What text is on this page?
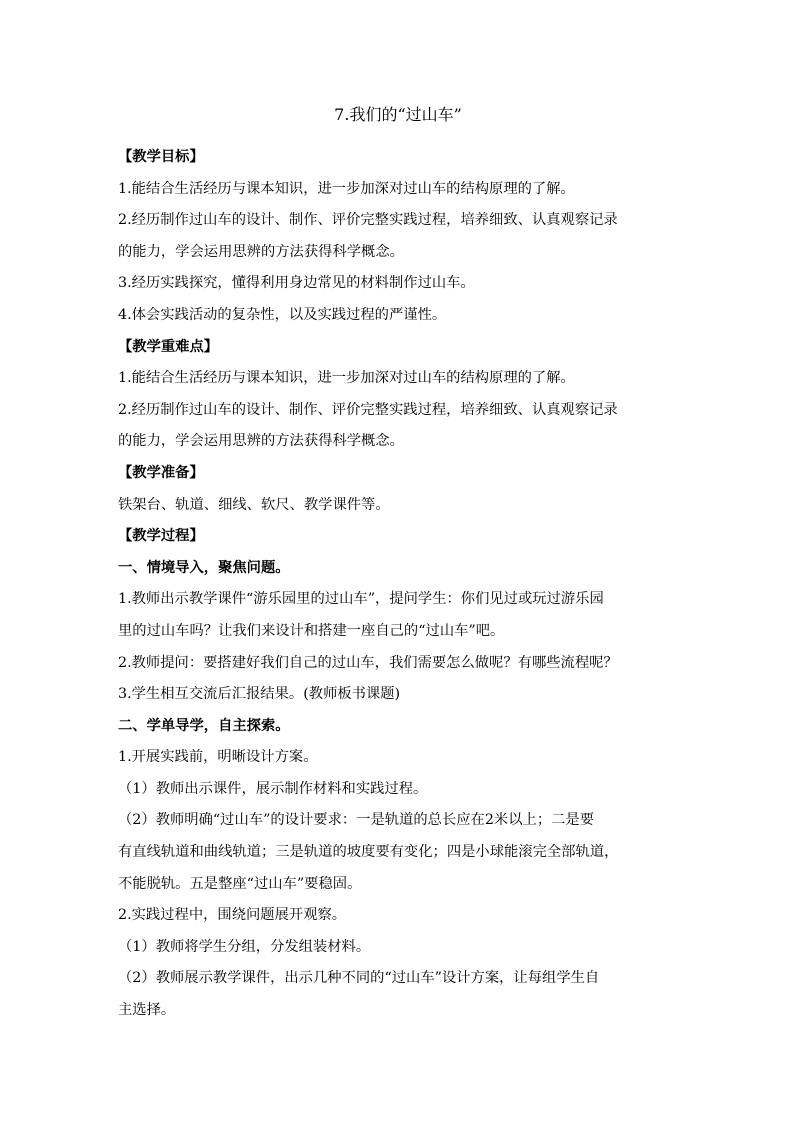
7.我们的“过山车”
【教学目标】
1.能结合生活经历与课本知识，进一步加深对过山车的结构原理的了解。
2.经历制作过山车的设计、制作、评价完整实践过程，培养细致、认真观察记录
的能力，学会运用思辨的方法获得科学概念。
3.经历实践探究，懂得利用身边常见的材料制作过山车。
4.体会实践活动的复杂性，以及实践过程的严谨性。
【教学重难点】
1.能结合生活经历与课本知识，进一步加深对过山车的结构原理的了解。
2.经历制作过山车的设计、制作、评价完整实践过程，培养细致、认真观察记录
的能力，学会运用思辨的方法获得科学概念。
【教学准备】
铁架台、轨道、细线、软尺、教学课件等。
【教学过程】
一、情境导入，聚焦问题。
1.教师出示教学课件“游乐园里的过山车”，提问学生：你们见过或玩过游乐园
里的过山车吗？让我们来设计和搭建一座自己的“过山车”吧。
2.教师提问：要搭建好我们自己的过山车，我们需要怎么做呢？有哪些流程呢？
3.学生相互交流后汇报结果。(教师板书课题)
二、学单导学，自主探索。
1.开展实践前，明晰设计方案。
（1）教师出示课件，展示制作材料和实践过程。
（2）教师明确“过山车”的设计要求：一是轨道的总长应在2米以上；二是要
有直线轨道和曲线轨道；三是轨道的坡度要有变化；四是小球能滚完全部轨道，
不能脱轨。五是整座“过山车”要稳固。
2.实践过程中，围绕问题展开观察。
（1）教师将学生分组，分发组装材料。
（2）教师展示教学课件，出示几种不同的“过山车”设计方案，让每组学生自
主选择。
